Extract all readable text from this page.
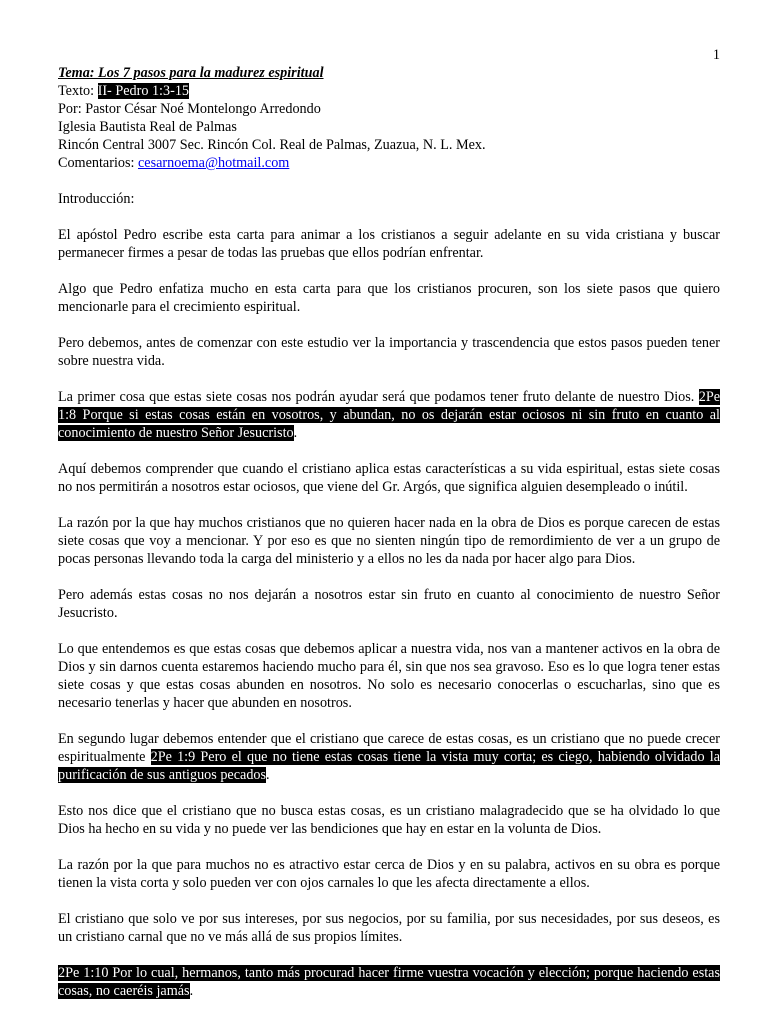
1

Tema: Los 7 pasos para la madurez espiritual

Texto: II- Pedro 1:3-15

Por: Pastor César Noé Montelongo Arredondo

Iglesia Bautista Real de Palmas

Rincón Central 3007 Sec. Rincón Col. Real de Palmas, Zuazua, N. L. Mex.

Comentarios: cesarnoema@hotmail.com

Introducción:

El apóstol Pedro escribe esta carta para animar a los cristianos a seguir adelante en su vida cristiana y buscar permanecer firmes a pesar de todas las pruebas que ellos podrían enfrentar.

Algo que Pedro enfatiza mucho en esta carta para que los cristianos procuren, son los siete pasos que quiero mencionarle para el crecimiento espiritual.

Pero debemos, antes de comenzar con este estudio ver la importancia y trascendencia que estos pasos pueden tener sobre nuestra vida.

La primer cosa que estas siete cosas nos podrán ayudar será que podamos tener fruto delante de nuestro Dios. 2Pe 1:8 Porque si estas cosas están en vosotros, y abundan, no os dejarán estar ociosos ni sin fruto en cuanto al conocimiento de nuestro Señor Jesucristo.

Aquí debemos comprender que cuando el cristiano aplica estas características a su vida espiritual, estas siete cosas no nos permitirán a nosotros estar ociosos, que viene del Gr. Argós, que significa alguien desempleado o inútil.

La razón por la que hay muchos cristianos que no quieren hacer nada en la obra de Dios es porque carecen de estas siete cosas que voy a mencionar. Y por eso es que no sienten ningún tipo de remordimiento de ver a un grupo de pocas personas llevando toda la carga del ministerio y a ellos no les da nada por hacer algo para Dios.

Pero además estas cosas no nos dejarán a nosotros estar sin fruto en cuanto al conocimiento de nuestro Señor Jesucristo.

Lo que entendemos es que estas cosas que debemos aplicar a nuestra vida, nos van a mantener activos en la obra de Dios y sin darnos cuenta estaremos haciendo mucho para él, sin que nos sea gravoso. Eso es lo que logra tener estas siete cosas y que estas cosas abunden en nosotros. No solo es necesario conocerlas o escucharlas, sino que es necesario tenerlas y hacer que abunden en nosotros.

En segundo lugar debemos entender que el cristiano que carece de estas cosas, es un cristiano que no puede crecer espiritualmente 2Pe 1:9 Pero el que no tiene estas cosas tiene la vista muy corta; es ciego, habiendo olvidado la purificación de sus antiguos pecados.

Esto nos dice que el cristiano que no busca estas cosas, es un cristiano malagradecido que se ha olvidado lo que Dios ha hecho en su vida y no puede ver las bendiciones que hay en estar en la volunta de Dios.

La razón por la que para muchos no es atractivo estar cerca de Dios y en su palabra, activos en su obra es porque tienen la vista corta y solo pueden ver con ojos carnales lo que les afecta directamente a ellos.

El cristiano que solo ve por sus intereses, por sus negocios, por su familia, por sus necesidades, por sus deseos, es un cristiano carnal que no ve más allá de sus propios límites.

2Pe 1:10 Por lo cual, hermanos, tanto más procurad hacer firme vuestra vocación y elección; porque haciendo estas cosas, no caeréis jamás.
